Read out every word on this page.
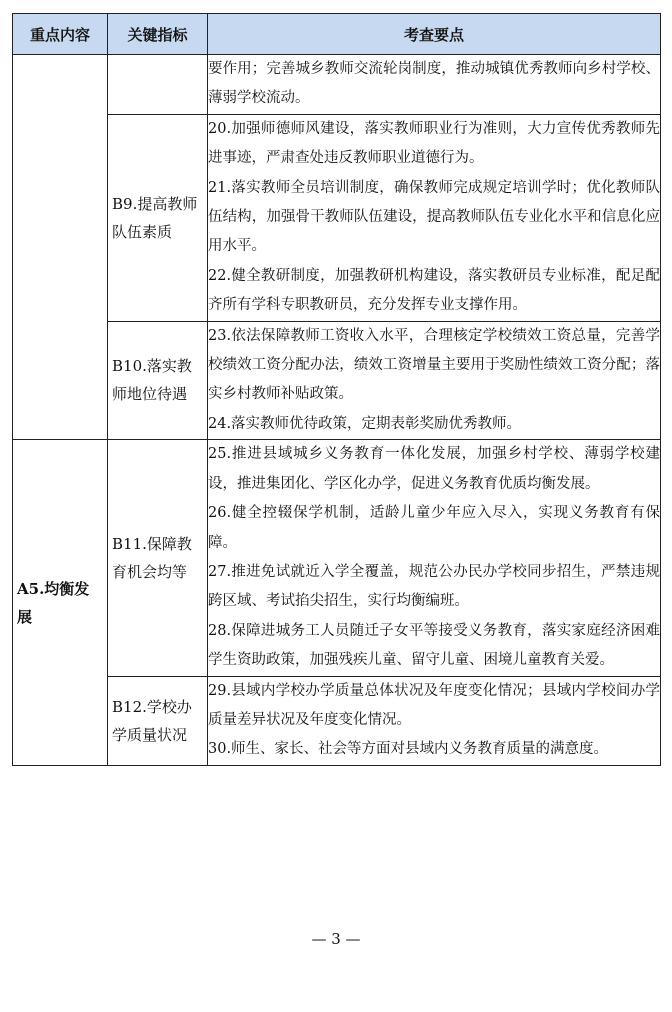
重点内容	关键指标	考查要点

		要作用；完善城乡教师交流轮岗制度，推动城镇优秀教师向乡村学校、薄弱学校流动。

	B9.提高教师队伍素质	20.加强师德师风建设，落实教师职业行为准则，大力宣传优秀教师先进事迹，严肃查处违反教师职业道德行为。
21.落实教师全员培训制度，确保教师完成规定培训学时；优化教师队伍结构，加强骨干教师队伍建设，提高教师队伍专业化水平和信息化应用水平。
22.健全教研制度，加强教研机构建设，落实教研员专业标准，配足配齐所有学科专职教研员，充分发挥专业支撑作用。

	B10.落实教师地位待遇	23.依法保障教师工资收入水平，合理核定学校绩效工资总量，完善学校绩效工资分配办法，绩效工资增量主要用于奖励性绩效工资分配；落实乡村教师补贴政策。
24.落实教师优待政策，定期表彰奖励优秀教师。

A5.均衡发展	B11.保障教育机会均等	25.推进县域城乡义务教育一体化发展，加强乡村学校、薄弱学校建设，推进集团化、学区化办学，促进义务教育优质均衡发展。
26.健全控辍保学机制，适龄儿童少年应入尽入，实现义务教育有保障。
27.推进免试就近入学全覆盖，规范公办民办学校同步招生，严禁违规跨区域、考试掐尖招生，实行均衡编班。
28.保障进城务工人员随迁子女平等接受义务教育，落实家庭经济困难学生资助政策，加强残疾儿童、留守儿童、困境儿童教育关爱。

	B12.学校办学质量状况	29.县域内学校办学质量总体状况及年度变化情况；县域内学校间办学质量差异状况及年度变化情况。
30.师生、家长、社会等方面对县域内义务教育质量的满意度。
— 3 —
